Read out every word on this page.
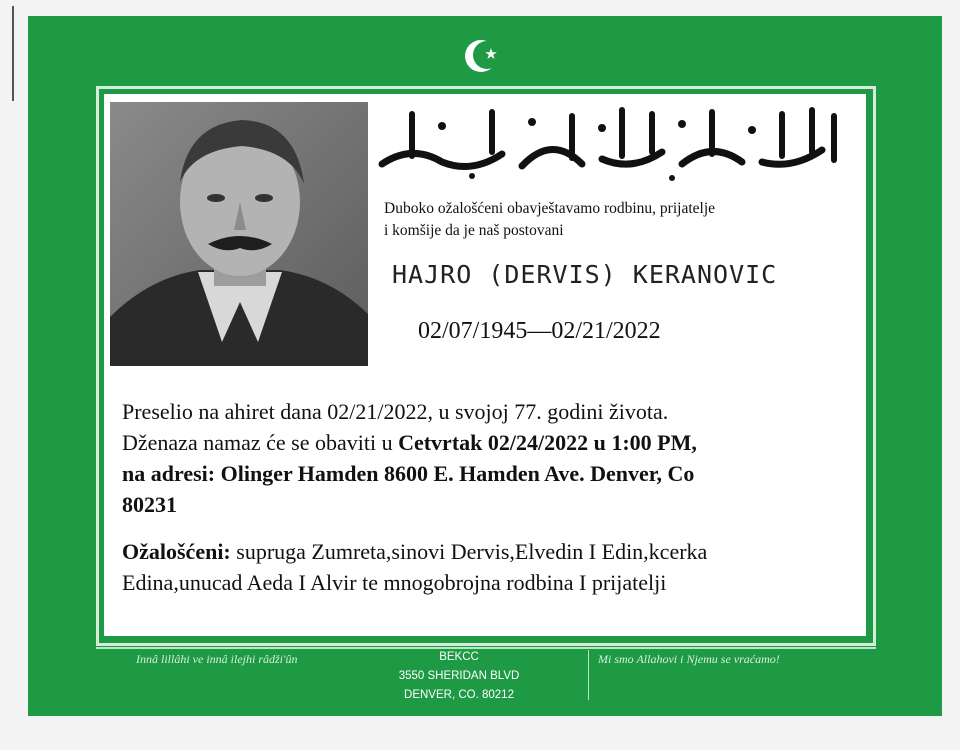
Duboko ožalošćeni obavještavamo rodbinu, prijatelje
i komšije da je naš postovani
HAJRO (DERVIS) KERANOVIC
02/07/1945—02/21/2022
Preselio na ahiret dana 02/21/2022, u svojoj 77. godini života.
Dženaza namaz će se obaviti u Cetvrtak 02/24/2022 u 1:00 PM,
na adresi: Olinger Hamden 8600 E. Hamden Ave. Denver, Co
80231
Ožalošćeni: supruga Zumreta,sinovi Dervis,Elvedin I Edin,kcerka
Edina,unucad Aeda I Alvir te mnogobrojna rodbina I prijatelji
Innâ lillâhi ve innâ ilejhi râdži'ûn	BEKCC
3550 SHERIDAN BLVD
DENVER, CO. 80212
Mi smo Allahovi i Njemu se vraćamo!
